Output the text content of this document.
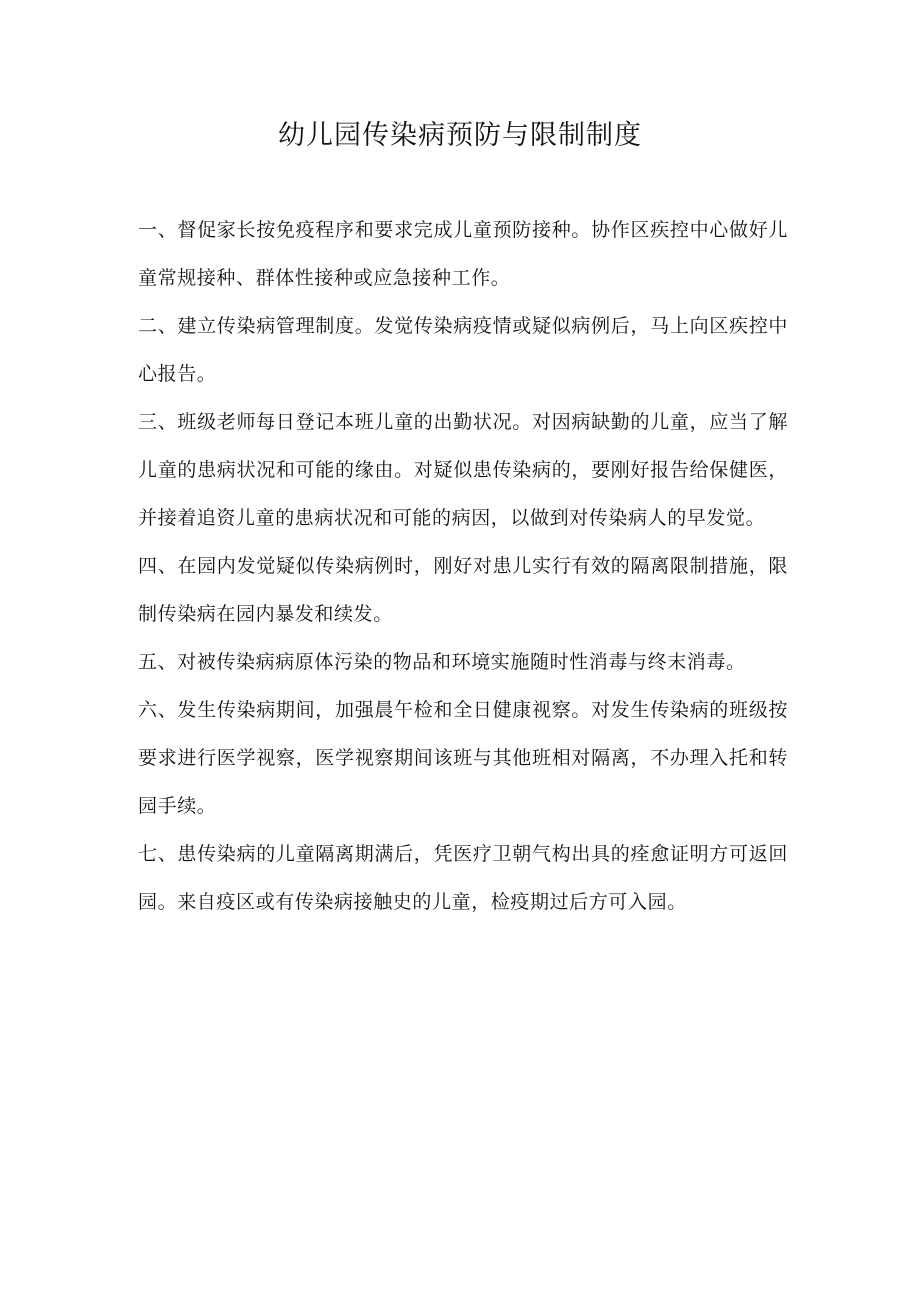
幼儿园传染病预防与限制制度

一、督促家长按免疫程序和要求完成儿童预防接种。协作区疾控中心做好儿童常规接种、群体性接种或应急接种工作。

二、建立传染病管理制度。发觉传染病疫情或疑似病例后，马上向区疾控中心报告。

三、班级老师每日登记本班儿童的出勤状况。对因病缺勤的儿童，应当了解儿童的患病状况和可能的缘由。对疑似患传染病的，要刚好报告给保健医，并接着追资儿童的患病状况和可能的病因，以做到对传染病人的早发觉。

四、在园内发觉疑似传染病例时，刚好对患儿实行有效的隔离限制措施，限制传染病在园内暴发和续发。

五、对被传染病病原体污染的物品和环境实施随时性消毒与终末消毒。

六、发生传染病期间，加强晨午检和全日健康视察。对发生传染病的班级按要求进行医学视察，医学视察期间该班与其他班相对隔离，不办理入托和转园手续。

七、患传染病的儿童隔离期满后，凭医疗卫朝气构出具的痊愈证明方可返回园。来自疫区或有传染病接触史的儿童，检疫期过后方可入园。
